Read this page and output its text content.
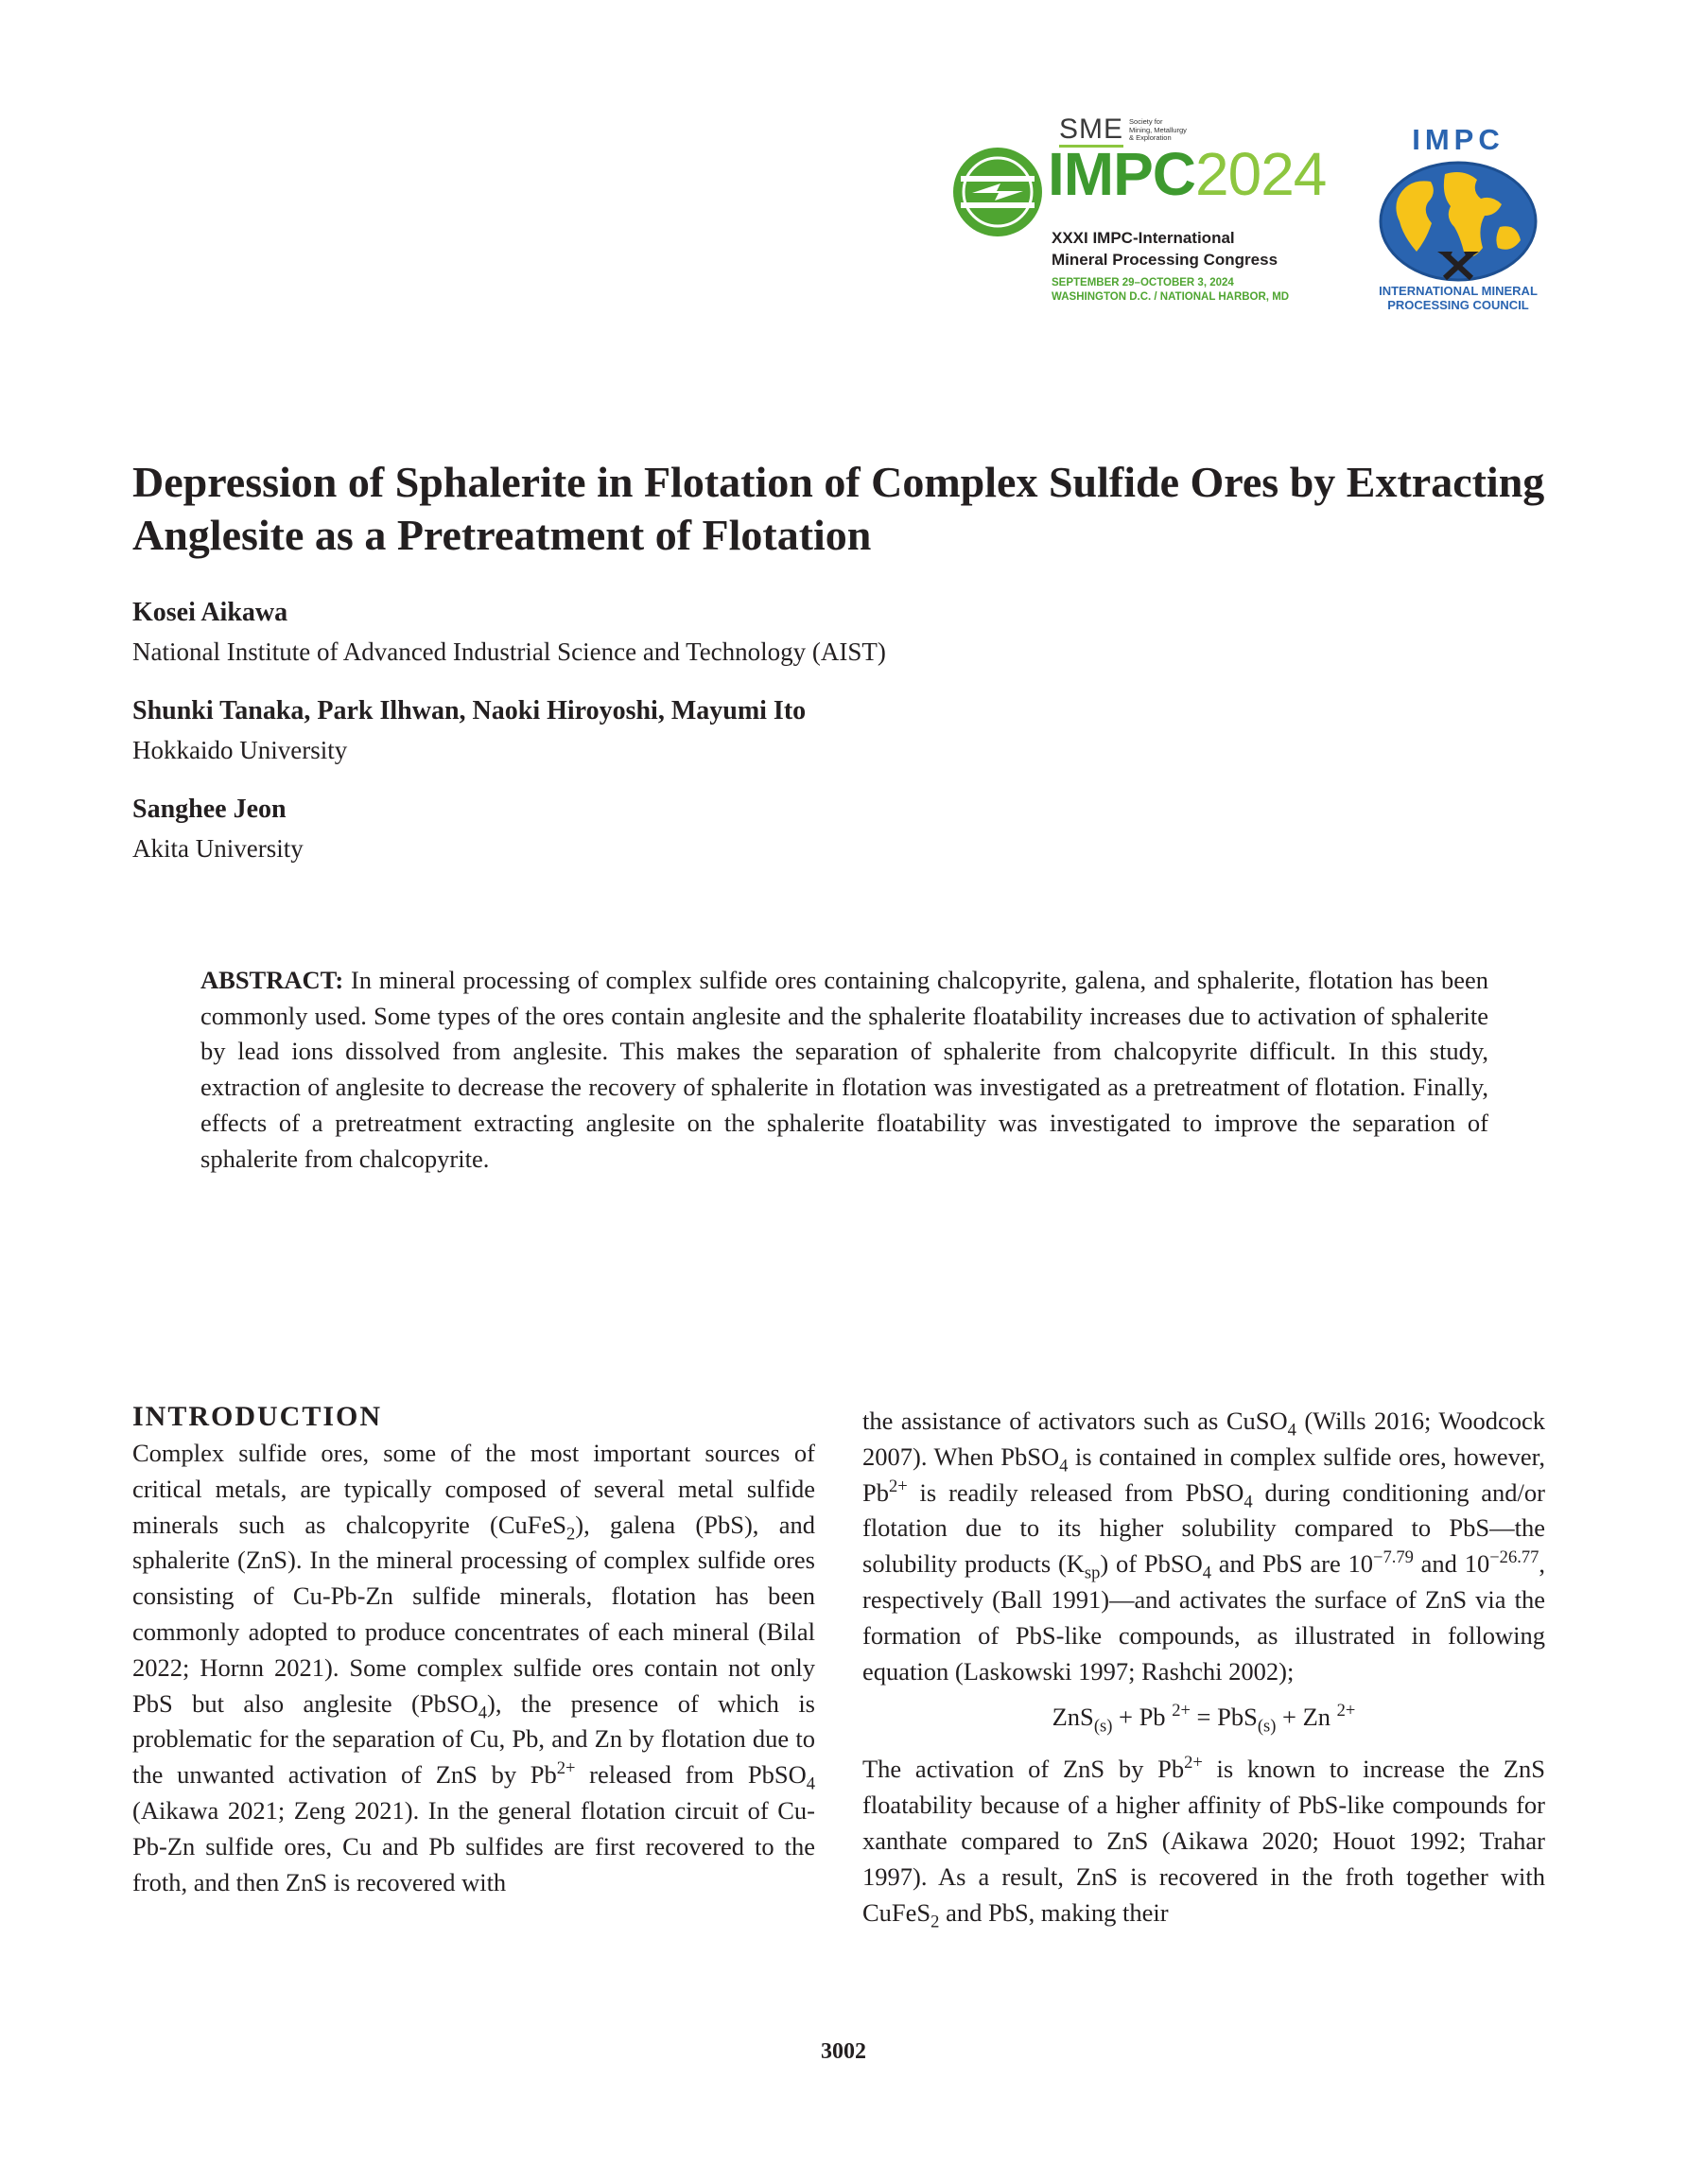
SME Society for
Mining, Metallurgy
& Exploration
IMPC2024
XXXI IMPC-International
Mineral Processing Congress
SEPTEMBER 29–OCTOBER 3, 2024
WASHINGTON D.C. / NATIONAL HARBOR, MD
IMPC
INTERNATIONAL MINERAL
PROCESSING COUNCIL
Depression of Sphalerite in Flotation of Complex Sulfide Ores by Extracting Anglesite as a Pretreatment of Flotation

Kosei Aikawa

National Institute of Advanced Industrial Science and Technology (AIST)

Shunki Tanaka, Park Ilhwan, Naoki Hiroyoshi, Mayumi Ito

Hokkaido University

Sanghee Jeon

Akita University

ABSTRACT: In mineral processing of complex sulfide ores containing chalcopyrite, galena, and sphalerite, flotation has been commonly used. Some types of the ores contain anglesite and the sphalerite floatability increases due to activation of sphalerite by lead ions dissolved from anglesite. This makes the separation of sphalerite from chalcopyrite difficult. In this study, extraction of anglesite to decrease the recovery of sphalerite in flotation was investigated as a pretreatment of flotation. Finally, effects of a pretreatment extracting anglesite on the sphalerite floatability was investigated to improve the separation of sphalerite from chalcopyrite.

INTRODUCTION

Complex sulfide ores, some of the most important sources of critical metals, are typically composed of several metal sulfide minerals such as chalcopyrite (CuFeS$_2$), galena (PbS), and sphalerite (ZnS). In the mineral processing of complex sulfide ores consisting of Cu-Pb-Zn sulfide minerals, flotation has been commonly adopted to produce concentrates of each mineral (Bilal 2022; Hornn 2021). Some complex sulfide ores contain not only PbS but also anglesite (PbSO$_4$), the presence of which is problematic for the separation of Cu, Pb, and Zn by flotation due to the unwanted activation of ZnS by $Pb^{2+}$ released from PbSO$_4$ (Aikawa 2021; Zeng 2021). In the general flotation circuit of Cu-Pb-Zn sulfide ores, Cu and Pb sulfides are first recovered to the froth, and then ZnS is recovered with

the assistance of activators such as CuSO$_4$ (Wills 2016; Woodcock 2007). When PbSO$_4$ is contained in complex sulfide ores, however, $Pb^{2+}$ is readily released from PbSO$_4$ during conditioning and/or flotation due to its higher solubility compared to PbS—the solubility products $(K_{sp})$ of PbSO$_4$ and PbS are $10^{-7.79}$ and $10^{-26.77}$, respectively (Ball 1991)—and activates the surface of ZnS via the formation of PbS-like compounds, as illustrated in following equation (Laskowski 1997; Rashchi 2002);

ZnS$_{(s)}$ + Pb $^{2+}$ = PbS$_{(s)}$ + Zn $^{2+}$

The activation of ZnS by $Pb^{2+}$ is known to increase the ZnS floatability because of a higher affinity of PbS-like compounds for xanthate compared to ZnS (Aikawa 2020; Houot 1992; Trahar 1997). As a result, ZnS is recovered in the froth together with CuFeS$_2$ and PbS, making their

3002
